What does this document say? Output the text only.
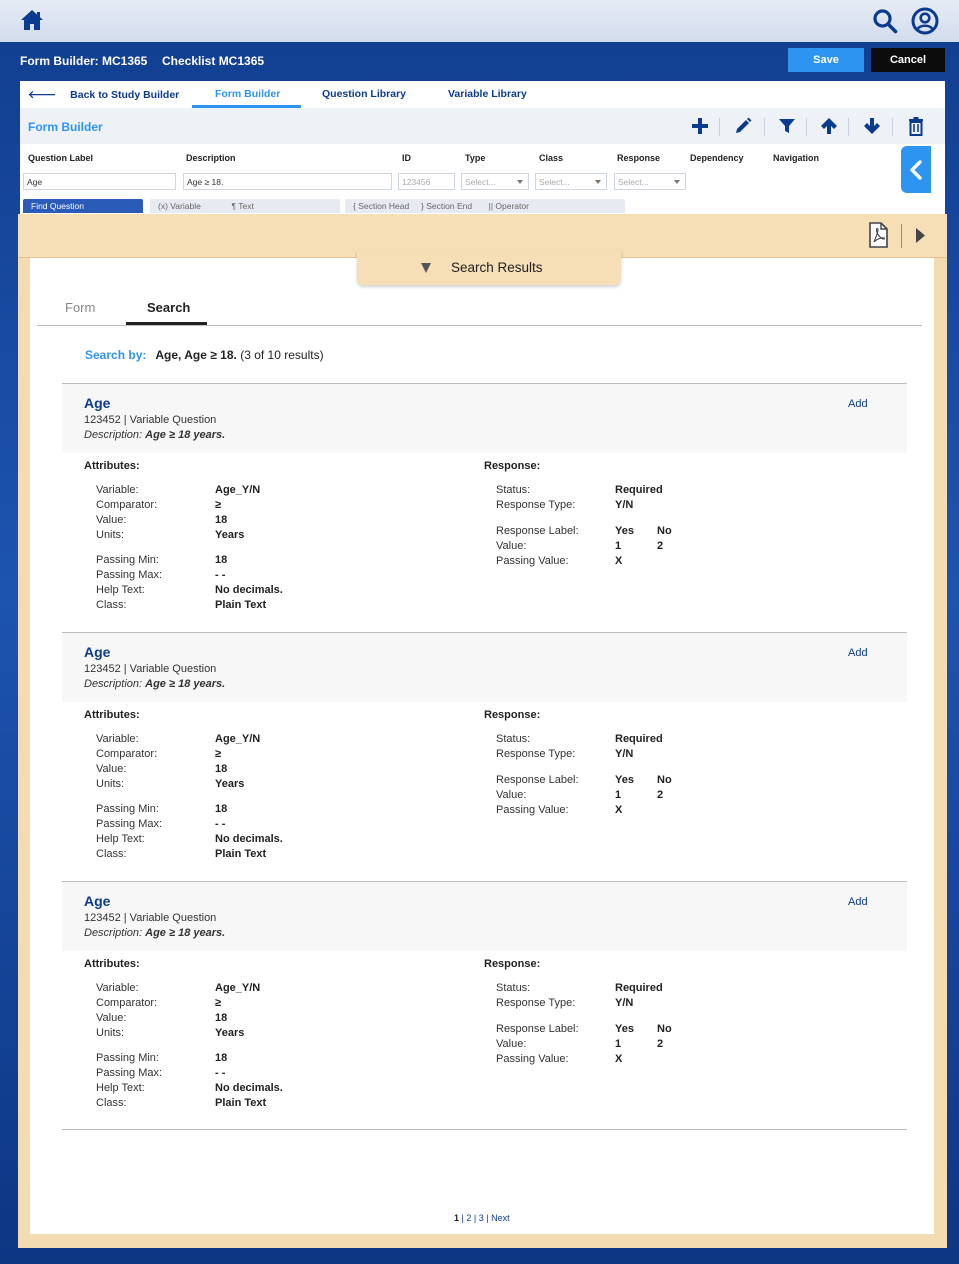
Form Builder: MC1365 Checklist MC1365	Save	Cancel
🡐 Back to Study Builder	Form Builder	Question Library	Variable Library
Form Builder
Question Label	Description	ID	Type	Class	Response	Dependency	Navigation
Age	Age ≥ 18.	123456	Select...	Select...	Select...
Find Question	(x) Variable	¶ Text	{ Section Head } Section End || Operator
Search Results
Form	Search
Search by: Age, Age ≥ 18. (3 of 10 results)
Age
123452 | Variable Question
Description: Age ≥ 18 years.
Add
Attributes:	Response:
Variable:	Age_Y/N
Comparator:	≥
Value:	18
Units:	Years
Passing Min:	18
Passing Max:	- -
Help Text:	No decimals.
Class:	Plain Text
Status:	Required
Response Type:	Y/N
Response Label:	Yes No
Value:	1	2
Passing Value:	X
Age
123452 | Variable Question
Description: Age ≥ 18 years.
Add
Attributes:	Response:
Variable:	Age_Y/N
Comparator:	≥
Value:	18
Units:	Years
Passing Min:	18
Passing Max:	- -
Help Text:	No decimals.
Class:	Plain Text
Status:	Required
Response Type:	Y/N
Response Label:	Yes No
Value:	1	2
Passing Value:	X
Age
123452 | Variable Question
Description: Age ≥ 18 years.
Add
Attributes:	Response:
Variable:	Age_Y/N
Comparator:	≥
Value:	18
Units:	Years
Passing Min:	18
Passing Max:	- -
Help Text:	No decimals.
Class:	Plain Text
Status:	Required
Response Type:	Y/N
Response Label:	Yes No
Value:	1	2
Passing Value:	X
1 | 2 | 3 | Next
